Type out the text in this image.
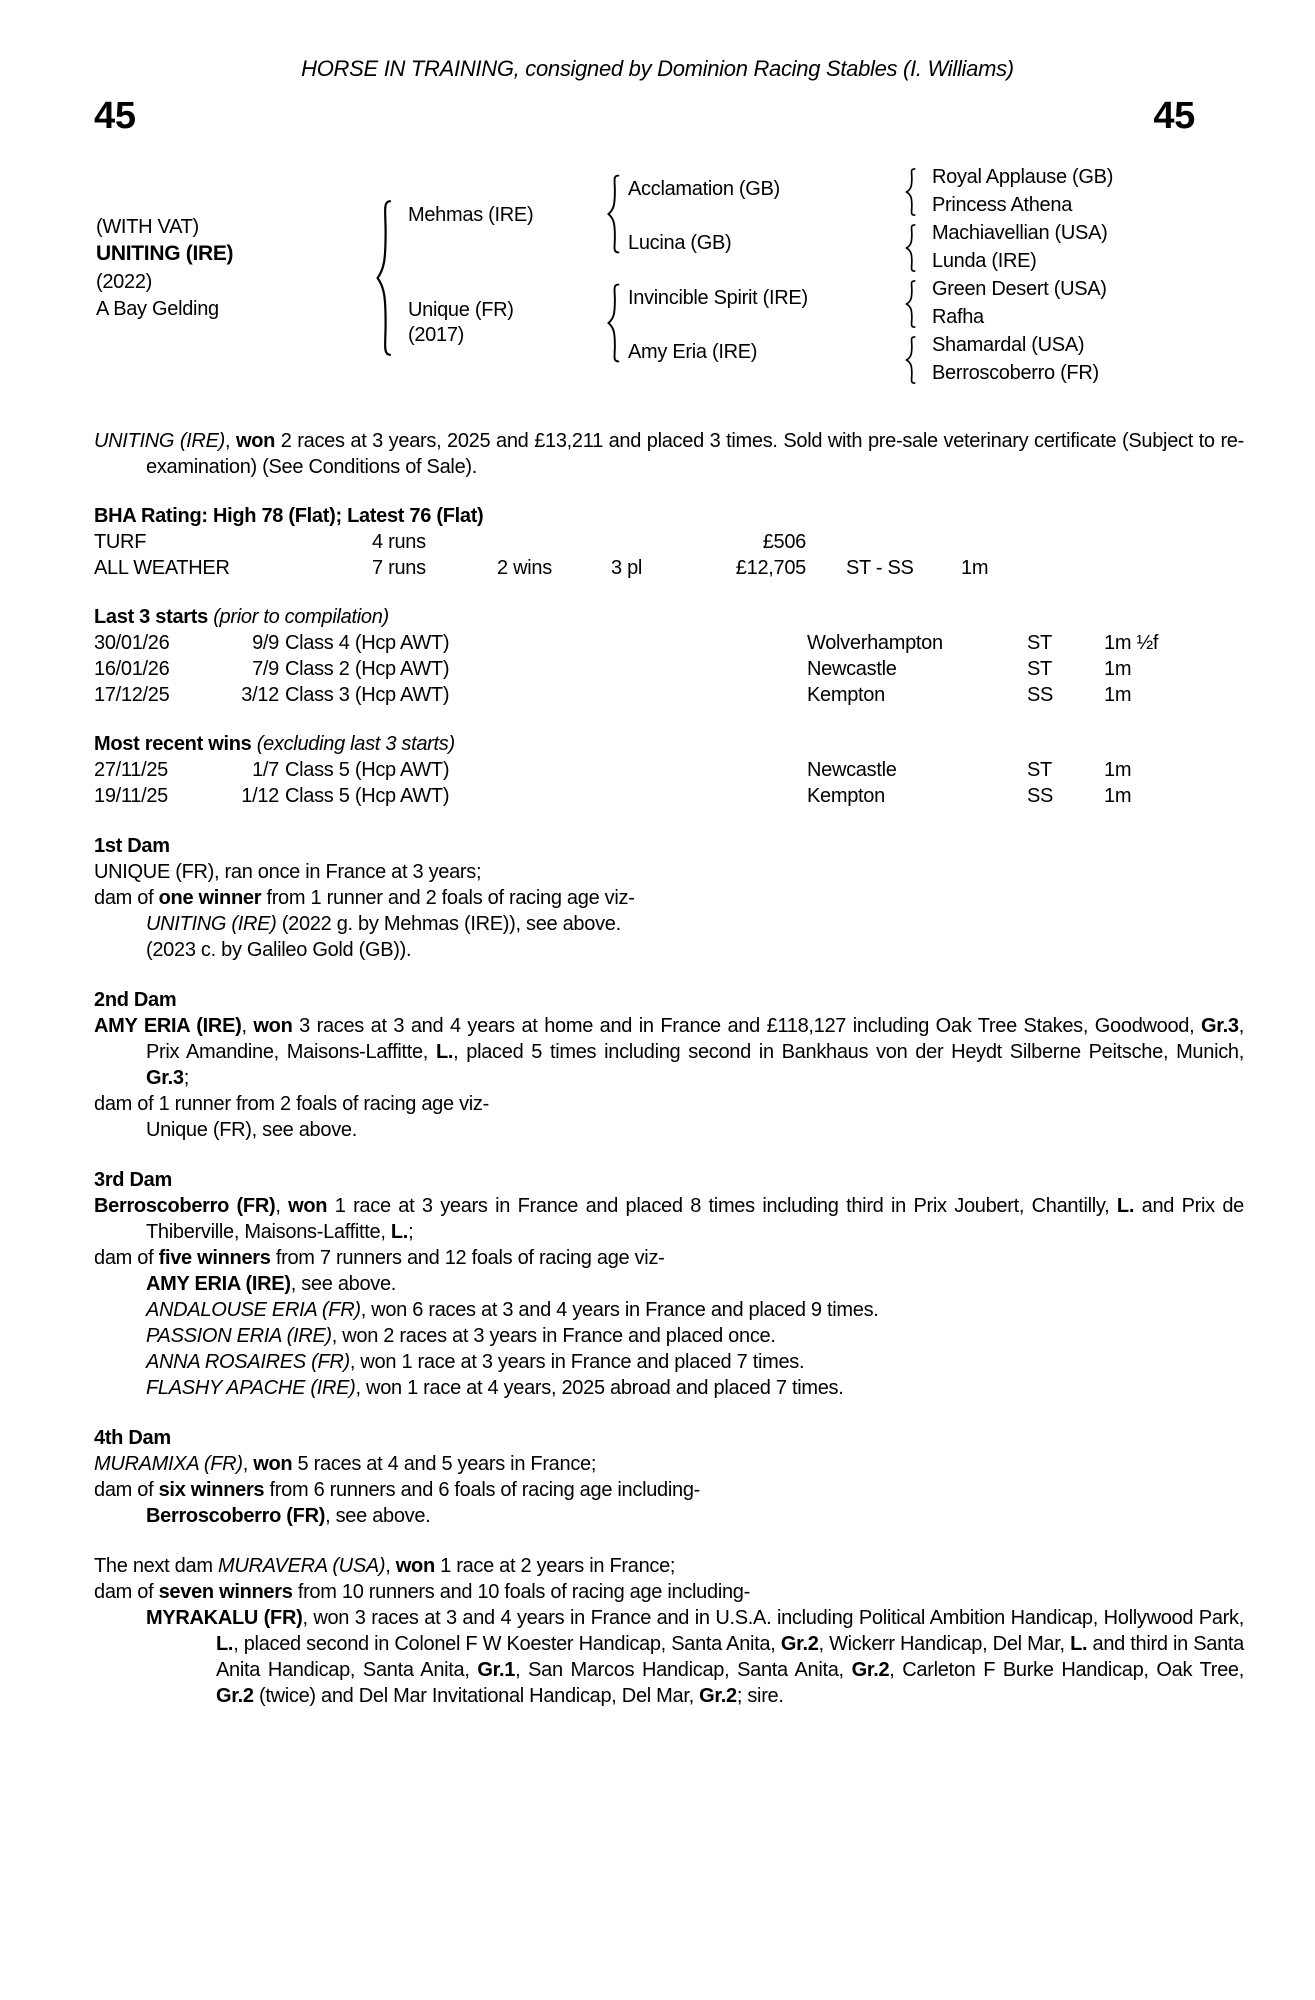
HORSE IN TRAINING, consigned by Dominion Racing Stables (I. Williams)
45	45
(WITH VAT)
UNITING (IRE)
(2022)
A Bay Gelding
Mehmas (IRE)
Unique (FR)
(2017)
Acclamation (GB)
Lucina (GB)
Invincible Spirit (IRE)
Amy Eria (IRE)
Royal Applause (GB)
Princess Athena
Machiavellian (USA)
Lunda (IRE)
Green Desert (USA)
Rafha
Shamardal (USA)
Berroscoberro (FR)
UNITING (IRE), won 2 races at 3 years, 2025 and £13,211 and placed 3 times. Sold with pre-sale veterinary certificate (Subject to re-examination) (See Conditions of Sale).
BHA Rating: High 78 (Flat); Latest 76 (Flat)
TURF	4 runs	£506
ALL WEATHER	7 runs	2 wins	3 pl	£12,705	ST - SS	1m
Last 3 starts (prior to compilation)
30/01/26	9/9 Class 4 (Hcp AWT)	Wolverhampton	ST	1m ½f
16/01/26	7/9 Class 2 (Hcp AWT)	Newcastle	ST	1m
17/12/25	3/12 Class 3 (Hcp AWT)	Kempton	SS	1m
Most recent wins (excluding last 3 starts)
27/11/25	1/7 Class 5 (Hcp AWT)	Newcastle	ST	1m
19/11/25	1/12 Class 5 (Hcp AWT)	Kempton	SS	1m
1st Dam
UNIQUE (FR), ran once in France at 3 years;
dam of one winner from 1 runner and 2 foals of racing age viz-
UNITING (IRE) (2022 g. by Mehmas (IRE)), see above.
(2023 c. by Galileo Gold (GB)).
2nd Dam
AMY ERIA (IRE), won 3 races at 3 and 4 years at home and in France and £118,127 including Oak Tree Stakes, Goodwood, Gr.3, Prix Amandine, Maisons-Laffitte, L., placed 5 times including second in Bankhaus von der Heydt Silberne Peitsche, Munich, Gr.3;
dam of 1 runner from 2 foals of racing age viz-
Unique (FR), see above.
3rd Dam
Berroscoberro (FR), won 1 race at 3 years in France and placed 8 times including third in Prix Joubert, Chantilly, L. and Prix de Thiberville, Maisons-Laffitte, L.;
dam of five winners from 7 runners and 12 foals of racing age viz-
AMY ERIA (IRE), see above.
ANDALOUSE ERIA (FR), won 6 races at 3 and 4 years in France and placed 9 times.
PASSION ERIA (IRE), won 2 races at 3 years in France and placed once.
ANNA ROSAIRES (FR), won 1 race at 3 years in France and placed 7 times.
FLASHY APACHE (IRE), won 1 race at 4 years, 2025 abroad and placed 7 times.
4th Dam
MURAMIXA (FR), won 5 races at 4 and 5 years in France;
dam of six winners from 6 runners and 6 foals of racing age including-
Berroscoberro (FR), see above.
The next dam MURAVERA (USA), won 1 race at 2 years in France;
dam of seven winners from 10 runners and 10 foals of racing age including-
MYRAKALU (FR), won 3 races at 3 and 4 years in France and in U.S.A. including Political Ambition Handicap, Hollywood Park, L., placed second in Colonel F W Koester Handicap, Santa Anita, Gr.2, Wickerr Handicap, Del Mar, L. and third in Santa Anita Handicap, Santa Anita, Gr.1, San Marcos Handicap, Santa Anita, Gr.2, Carleton F Burke Handicap, Oak Tree, Gr.2 (twice) and Del Mar Invitational Handicap, Del Mar, Gr.2; sire.
